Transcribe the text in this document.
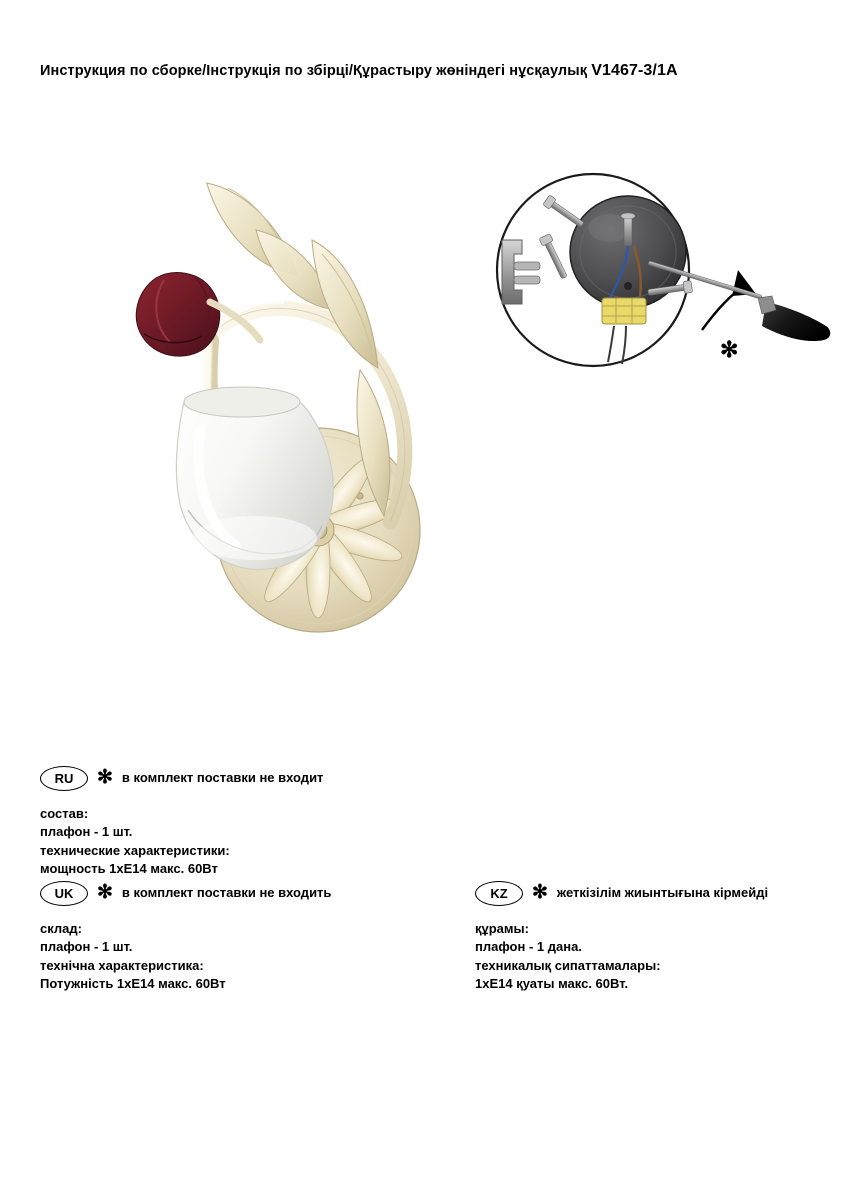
Инструкция по сборке/Інструкція по збірці/Құрастыру жөніндегі нұсқаулық V1467-3/1A
✻
RU	✻ в комплект поставки не входит
состав:
плафон - 1 шт.
технические характеристики:
мощность 1хЕ14 макс. 60Вт
UK	✻ в комплект поставки не входить
склад:
плафон - 1 шт.
технічна характеристика:
Потужність 1хЕ14 макс. 60Вт
KZ	✻ жеткізілім жиынтығына кірмейді
құрамы:
плафон - 1 дана.
техникалық сипаттамалары:
1хЕ14 қуаты макс. 60Вт.
